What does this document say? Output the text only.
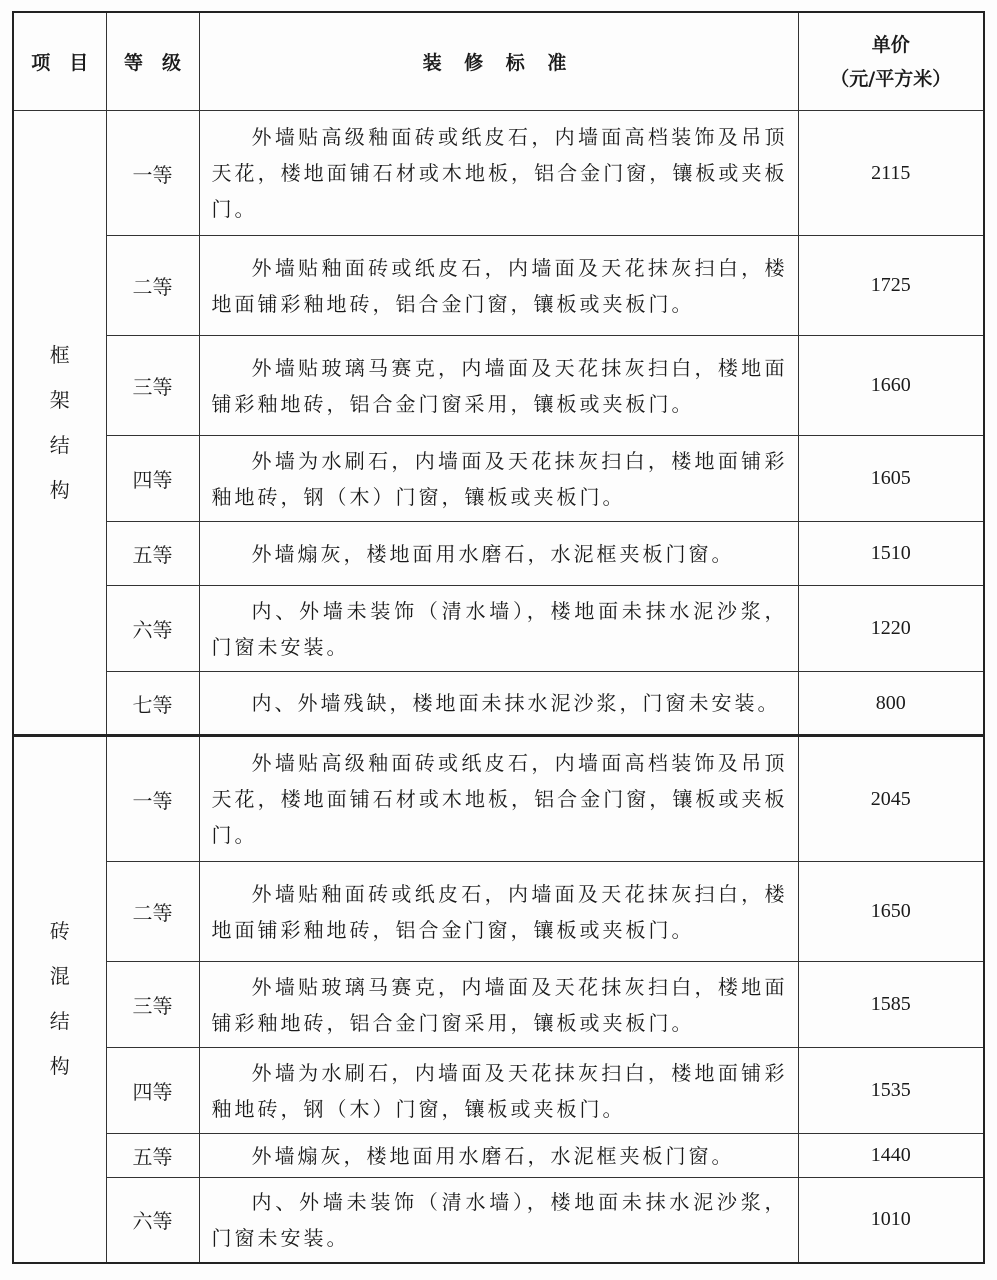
项　目	等　级	装 修 标 准	单价
（元/平方米）

框
架
结
构	一等	外墙贴高级釉面砖或纸皮石，内墙面高档装饰及吊顶天花，楼地面铺石材或木地板，铝合金门窗，镶板或夹板门。	2115
	二等	外墙贴釉面砖或纸皮石，内墙面及天花抹灰扫白，楼地面铺彩釉地砖，铝合金门窗，镶板或夹板门。	1725
	三等	外墙贴玻璃马赛克，内墙面及天花抹灰扫白，楼地面铺彩釉地砖，铝合金门窗采用，镶板或夹板门。	1660
	四等	外墙为水刷石，内墙面及天花抹灰扫白，楼地面铺彩釉地砖，钢（木）门窗，镶板或夹板门。	1605
	五等	外墙煽灰，楼地面用水磨石，水泥框夹板门窗。	1510
	六等	内、外墙未装饰（清水墙），楼地面未抹水泥沙浆，门窗未安装。	1220
	七等	内、外墙残缺，楼地面未抹水泥沙浆，门窗未安装。	800

砖
混
结
构	一等	外墙贴高级釉面砖或纸皮石，内墙面高档装饰及吊顶天花，楼地面铺石材或木地板，铝合金门窗，镶板或夹板门。	2045
	二等	外墙贴釉面砖或纸皮石，内墙面及天花抹灰扫白，楼地面铺彩釉地砖，铝合金门窗，镶板或夹板门。	1650
	三等	外墙贴玻璃马赛克，内墙面及天花抹灰扫白，楼地面铺彩釉地砖，铝合金门窗采用，镶板或夹板门。	1585
	四等	外墙为水刷石，内墙面及天花抹灰扫白，楼地面铺彩釉地砖，钢（木）门窗，镶板或夹板门。	1535
	五等	外墙煽灰，楼地面用水磨石，水泥框夹板门窗。	1440
	六等	内、外墙未装饰（清水墙），楼地面未抹水泥沙浆，门窗未安装。	1010
